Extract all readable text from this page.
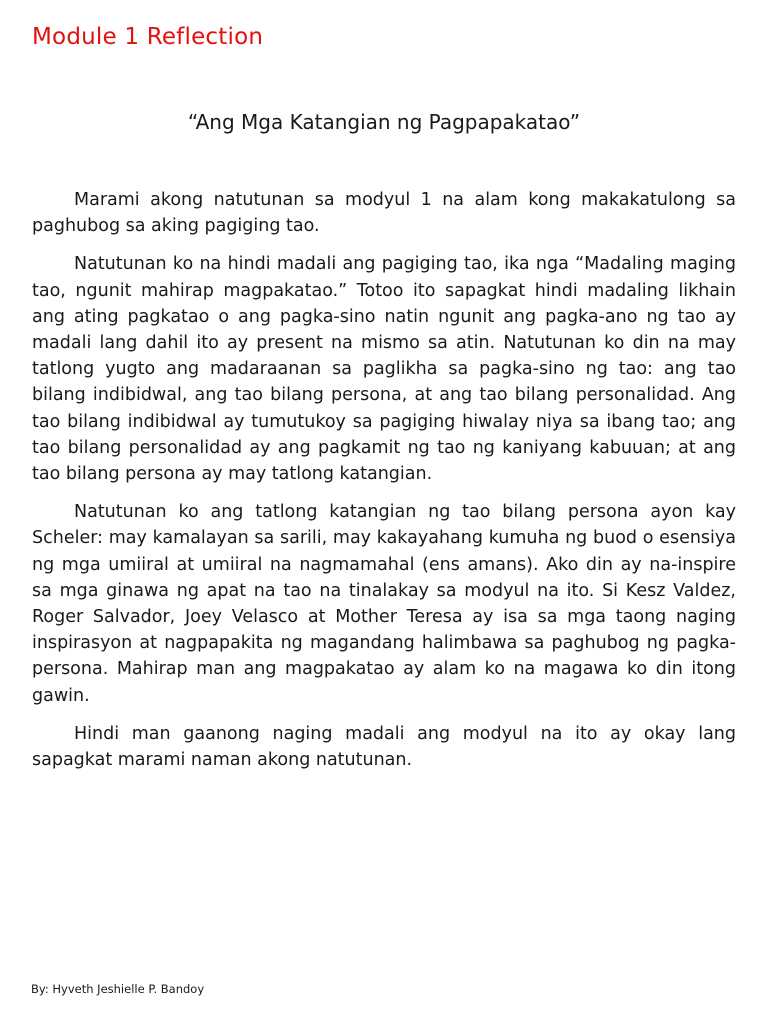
Module 1 Reflection
“Ang Mga Katangian ng Pagpapakatao”

Marami akong natutunan sa modyul 1 na alam kong makakatulong sa paghubog sa aking pagiging tao.

Natutunan ko na hindi madali ang pagiging tao, ika nga “Madaling maging tao, ngunit mahirap magpakatao.” Totoo ito sapagkat hindi madaling likhain ang ating pagkatao o ang pagka-sino natin ngunit ang pagka-ano ng tao ay madali lang dahil ito ay present na mismo sa atin. Natutunan ko din na may tatlong yugto ang madaraanan sa paglikha sa pagka-sino ng tao: ang tao bilang indibidwal, ang tao bilang persona, at ang tao bilang personalidad. Ang tao bilang indibidwal ay tumutukoy sa pagiging hiwalay niya sa ibang tao; ang tao bilang personalidad ay ang pagkamit ng tao ng kaniyang kabuuan; at ang tao bilang persona ay may tatlong katangian.

Natutunan ko ang tatlong katangian ng tao bilang persona ayon kay Scheler: may kamalayan sa sarili, may kakayahang kumuha ng buod o esensiya ng mga umiiral at umiiral na nagmamahal (ens amans). Ako din ay na-inspire sa mga ginawa ng apat na tao na tinalakay sa modyul na ito. Si Kesz Valdez, Roger Salvador, Joey Velasco at Mother Teresa ay isa sa mga taong naging inspirasyon at nagpapakita ng magandang halimbawa sa paghubog ng pagka-persona. Mahirap man ang magpakatao ay alam ko na magawa ko din itong gawin.

Hindi man gaanong naging madali ang modyul na ito ay okay lang sapagkat marami naman akong natutunan.

By: Hyveth Jeshielle P. Bandoy
